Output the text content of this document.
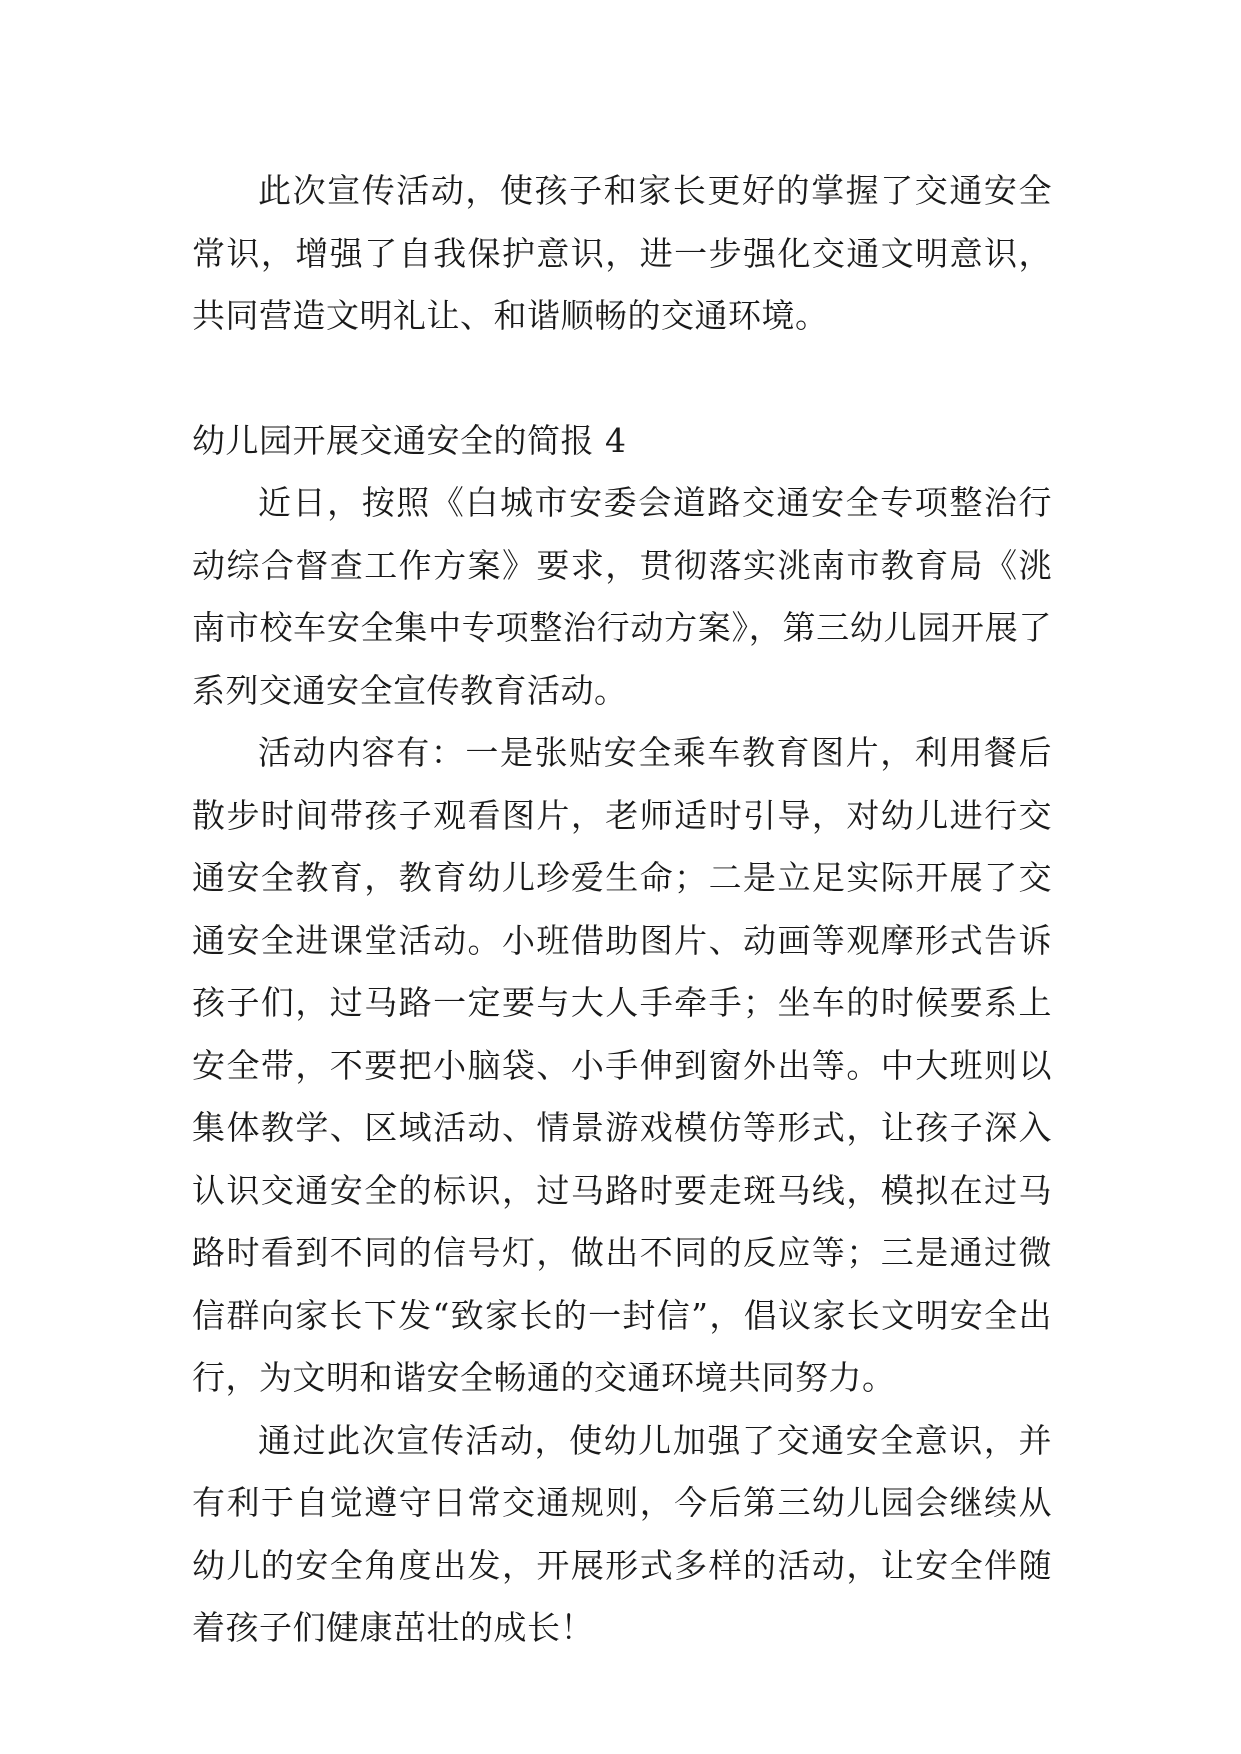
此次宣传活动，使孩子和家长更好的掌握了交通安全常识，增强了自我保护意识，进一步强化交通文明意识，共同营造文明礼让、和谐顺畅的交通环境。

幼儿园开展交通安全的简报 4

近日，按照《白城市安委会道路交通安全专项整治行动综合督查工作方案》要求，贯彻落实洮南市教育局《洮南市校车安全集中专项整治行动方案》，第三幼儿园开展了系列交通安全宣传教育活动。

活动内容有：一是张贴安全乘车教育图片，利用餐后散步时间带孩子观看图片，老师适时引导，对幼儿进行交通安全教育，教育幼儿珍爱生命；二是立足实际开展了交通安全进课堂活动。小班借助图片、动画等观摩形式告诉孩子们，过马路一定要与大人手牵手；坐车的时候要系上安全带，不要把小脑袋、小手伸到窗外出等。中大班则以集体教学、区域活动、情景游戏模仿等形式，让孩子深入认识交通安全的标识，过马路时要走斑马线，模拟在过马路时看到不同的信号灯，做出不同的反应等；三是通过微信群向家长下发“致家长的一封信”，倡议家长文明安全出行，为文明和谐安全畅通的交通环境共同努力。

通过此次宣传活动，使幼儿加强了交通安全意识，并有利于自觉遵守日常交通规则，今后第三幼儿园会继续从幼儿的安全角度出发，开展形式多样的活动，让安全伴随着孩子们健康茁壮的成长！
